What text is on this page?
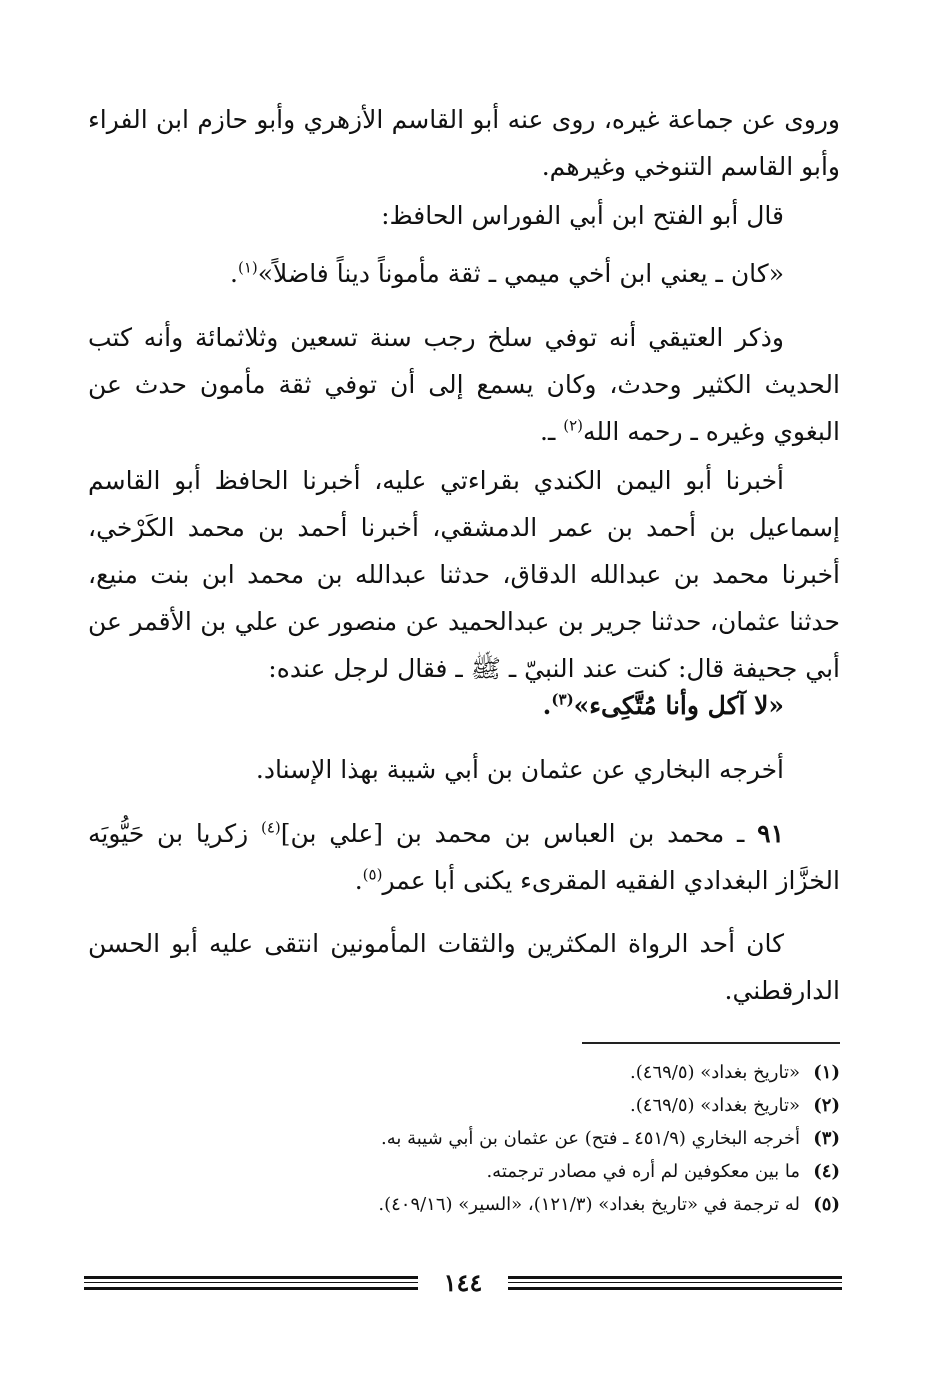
وروى عن جماعة غيره، روى عنه أبو القاسم الأزهري وأبو حازم ابن الفراء وأبو القاسم التنوخي وغيرهم.

قال أبو الفتح ابن أبي الفوراس الحافظ:

«كان ـ يعني ابن أخي ميمي ـ ثقة مأموناً ديناً فاضلاً»$^{(١)}$.

وذكر العتيقي أنه توفي سلخ رجب سنة تسعين وثلاثمائة وأنه كتب الحديث الكثير وحدث، وكان يسمع إلى أن توفي ثقة مأمون حدث عن البغوي وغيره ـ رحمه الله$^{(٢)}$ ـ.

أخبرنا أبو اليمن الكندي بقراءتي عليه، أخبرنا الحافظ أبو القاسم إسماعيل بن أحمد بن عمر الدمشقي، أخبرنا أحمد بن محمد الكَرْخي، أخبرنا محمد بن عبدالله الدقاق، حدثنا عبدالله بن محمد ابن بنت منيع، حدثنا عثمان، حدثنا جرير بن عبدالحميد عن منصور عن علي بن الأقمر عن أبي جحيفة قال: كنت عند النبيّ ـ ﷺ ـ فقال لرجل عنده:

«لا آكل وأنا مُتَّكِىء»$^{(٣)}$.

أخرجه البخاري عن عثمان بن أبي شيبة بهذا الإسناد.

٩١ ـ محمد بن العباس بن محمد بن [علي بن]$^{(٤)}$ زكريا بن حَيُّويَه الخزَّاز البغدادي الفقيه المقرىء يكنى أبا عمر$^{(٥)}$.

كان أحد الرواة المكثرين والثقات المأمونين انتقى عليه أبو الحسن الدارقطني.

(١)«تاريخ بغداد» (٤٦٩/٥).
(٢)«تاريخ بغداد» (٤٦٩/٥).
(٣)أخرجه البخاري (٤٥١/٩ ـ فتح) عن عثمان بن أبي شيبة به.
(٤)ما بين معكوفين لم أره في مصادر ترجمته.
(٥)له ترجمة في «تاريخ بغداد» (١٢١/٣)، «السير» (٤٠٩/١٦).
١٤٤
